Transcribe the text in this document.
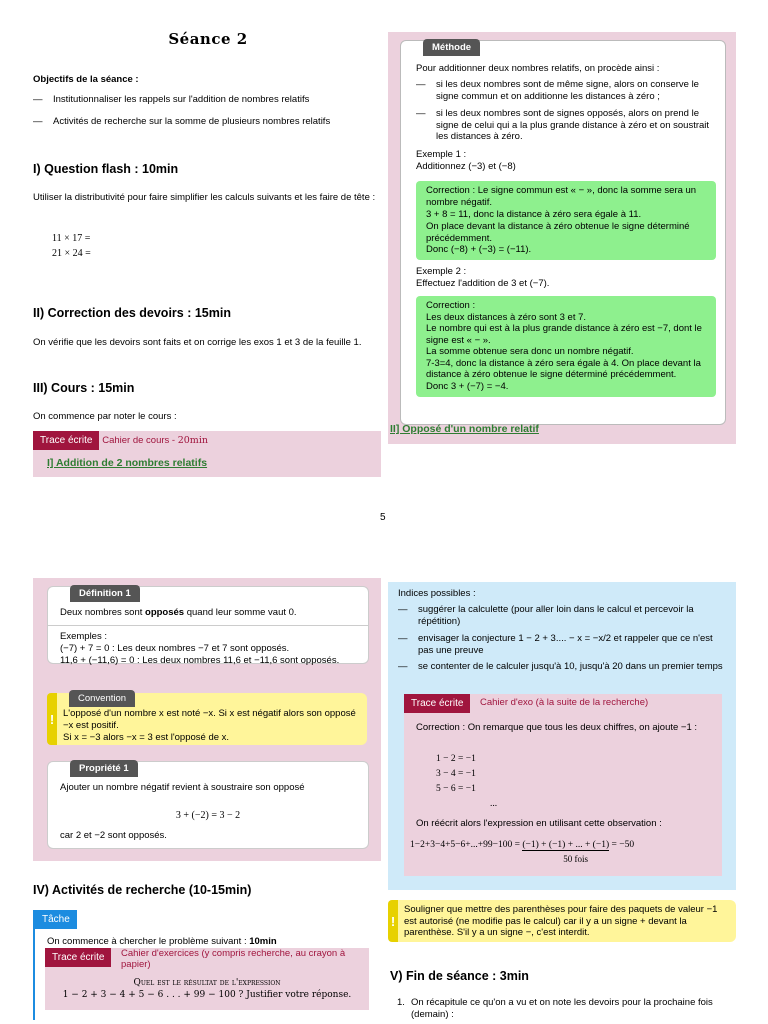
Séance 2

Objectifs de la séance :

— Institutionnaliser les rappels sur l'addition de nombres relatifs
— Activités de recherche sur la somme de plusieurs nombres relatifs

I) Question flash : 10min

Utiliser la distributivité pour faire simplifier les calculs suivants et les faire de tête :

11 × 17 =

21 × 24 =

II) Correction des devoirs : 15min

On vérifie que les devoirs sont faits et on corrige les exos 1 et 3 de la feuille 1.

III) Cours : 15min

On commence par noter le cours :

Trace écrite Cahier de cours - 20min
I] Addition de 2 nombres relatifs
Méthode

Pour additionner deux nombres relatifs, on procède ainsi :

— si les deux nombres sont de même signe, alors on conserve le signe commun et on additionne les distances à zéro ;
— si les deux nombres sont de signes opposés, alors on prend le signe de celui qui a la plus grande distance à zéro et on soustrait les distances à zéro.

Exemple 1 :

Additionnez (−3) et (−8)

Correction : Le signe commun est « − », donc la somme sera un nombre négatif.

3 + 8 = 11, donc la distance à zéro sera égale à 11.

On place devant la distance à zéro obtenue le signe déterminé précédemment.

Donc (−8) + (−3) = (−11).

Exemple 2 :

Effectuez l'addition de 3 et (−7).

Correction :

Les deux distances à zéro sont 3 et 7.

Le nombre qui est à la plus grande distance à zéro est −7, dont le signe est « − ».

La somme obtenue sera donc un nombre négatif.

7-3=4, donc la distance à zéro sera égale à 4. On place devant la distance à zéro obtenue le signe déterminé précédemment.

Donc 3 + (−7) = −4.

II] Opposé d'un nombre relatif

5

Définition 1

Deux nombres sont opposés quand leur somme vaut 0.

Exemples :

(−7) + 7 = 0 : Les deux nombres −7 et 7 sont opposés.

11,6 + (−11,6) = 0 : Les deux nombres 11,6 et −11,6 sont opposés.

!
Convention

L'opposé d'un nombre x est noté −x. Si x est négatif alors son opposé −x est positif.

Si x = −3 alors −x = 3 est l'opposé de x.

Propriété 1

Ajouter un nombre négatif revient à soustraire son opposé

3 + (−2) = 3 − 2

car 2 et −2 sont opposés.

IV) Activités de recherche (10-15min)

Tâche

On commence à chercher le problème suivant : 10min

Trace écrite	Cahier d'exercices (y compris recherche, au crayon à papier)

Quel est le résultat de l'expression

1 − 2 + 3 − 4 + 5 − 6 . . . + 99 − 100 ? Justifier votre réponse.

Indices possibles :

— suggérer la calculette (pour aller loin dans le calcul et percevoir la répétition)
— envisager la conjecture 1 − 2 + 3.... − x = −x/2 et rappeler que ce n'est pas une preuve
— se contenter de le calculer jusqu'à 10, jusqu'à 20 dans un premier temps
Trace écrite	Cahier d'exo (à la suite de la recherche)

Correction : On remarque que tous les deux chiffres, on ajoute −1 :

1 − 2 = −1

3 − 4 = −1

5 − 6 = −1

...

On réécrit alors l'expression en utilisant cette observation :

1−2+3−4+5−6+...+99−100 = (−1) + (−1) + ... + (−1)
50 fois
= −50
!

Souligner que mettre des parenthèses pour faire des paquets de valeur −1 est autorisé (ne modifie pas le calcul) car il y a un signe + devant la parenthèse. S'il y a un signe −, c'est interdit.

V) Fin de séance : 3min

1. On récapitule ce qu'on a vu et on note les devoirs pour la prochaine fois (demain) :
